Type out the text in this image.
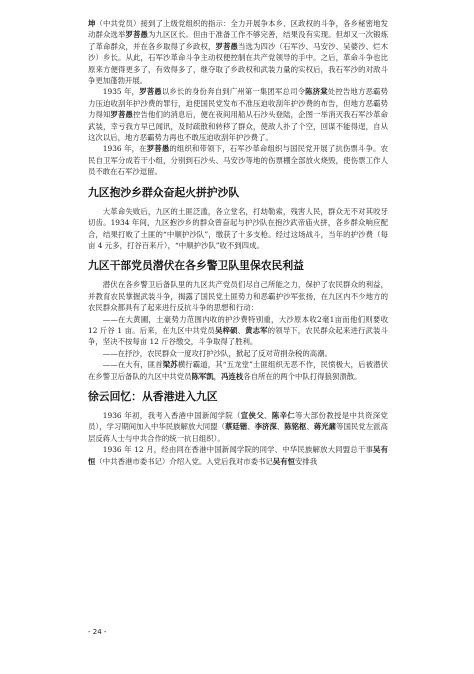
坤（中共党员）接到了上级党组织的指示：全力开展争本乡、区政权的斗争，各乡秘密地发动群众选举罗菩愚为九区区长。但由于准备工作不够完善，结果没有实现。但却又一次锻炼了革命群众，并在各乡取得了乡政权，罗菩愚当选为四沙（石军沙、马安沙、吴婆沙、烂木沙）乡长。从此，石军沙革命斗争主动权便控制在共产党领导的手中。之后，革命斗争也比原来方便得更多了，有效得多了，继夺取了乡政权和武装力量的实权后，我石军沙的对敌斗争更加蓬勃开展。

1935 年，罗菩愚以乡长的身份奔自到广州第一集团军总司令陈济棠处控告地方恶霸势力压迫收刮年护沙费的罪行，迫使国民党发布不准压迫收刮年护沙费的布告，但地方恶霸势力得知罗菩愚控告他们的消息后，便在夜间用船从石沙头登陆，企图一举消灭我石军沙革命武装，幸亏我方早已闻讯，及时疏散和转移了群众，使敌人扑了个空，回谋不能得逞，自从这次以后，地方恶霸势力再也不敢压迫收刮年护沙费了。

1936 年，在罗菩愚的组织和带领下，石军沙革命组织与国民党开展了抗伤票斗争。农民自卫军分成若干小组，分别到石沙头、马安沙等地的伤票棚全部放火烧毁，使伤票工作人员不敢在石军沙逗留。

九区抱沙乡群众奋起火拼护沙队

大革命失败后，九区的土匪泛滥，各立堂名，打劫勒索，残害人民，群众无不对其咬牙切齿。1934 年间，九区抱沙乡的群众曾奋起与护沙队在抱沙武帝庙火拼，各乡群众响应配合，结果打败了土匪的“中顺护沙队”，缴获了十多支枪。经过这场战斗，当年的护沙费（每亩 4 元多，打谷百来斤），“中顺护沙队”收不到四成。

九区干部党员潜伏在各乡警卫队里保农民利益

潜伏在各乡警卫后备队里的九区共产党员们尽自己所能之力，保护了农民群众的利益，并教育农民掌握武装斗争，揭露了国民党土匪势力和恶霸护沙军张扬，在九区内不少地方的农民群众都具有了起来进行反抗斗争的思想和行动：

——在大黄圃，土豪势力范围内收的护沙费特别重，大沙原本收2毫1亩而他们则要收 12 斤谷 1 亩。后来，在九区中共党员吴梓硕、黄志军的领导下，农民群众起来进行武装斗争，坚决不按每亩 12 斤谷缴交，斗争取得了胜利。

——在抒沙，农民群众一度攻打护沙队，掀起了反对苛捐杂税的高潮。

——在大有，匪首梁苏横行霸道，其“五龙堂”土匪组织无恶不作，民愤极大，后被潜伏在乡警卫后备队的九区中共党员陈军凯，冯连枝各自所在的两个中队打得狼狈溃散。

徐云回忆：从香港进入九区

1936 年初，我考入香港中国新闻学院（宣侠父、陈辛仁等大部份教授是中共资深党员），学习期间加入中华民族解放大同盟（蔡廷锴、李济深、陈铭枢、蒋光鼐等国民党左派高层反蒋人士与中共合作的统一抗日组织）。

1936 年 12 月，经由同在香港中国新闻学院的同学、中华民族解放大同盟总干事吴有恒（中共香港市委书记）介绍入党。入党后我对市委书记吴有恒安排我

- 24 -
